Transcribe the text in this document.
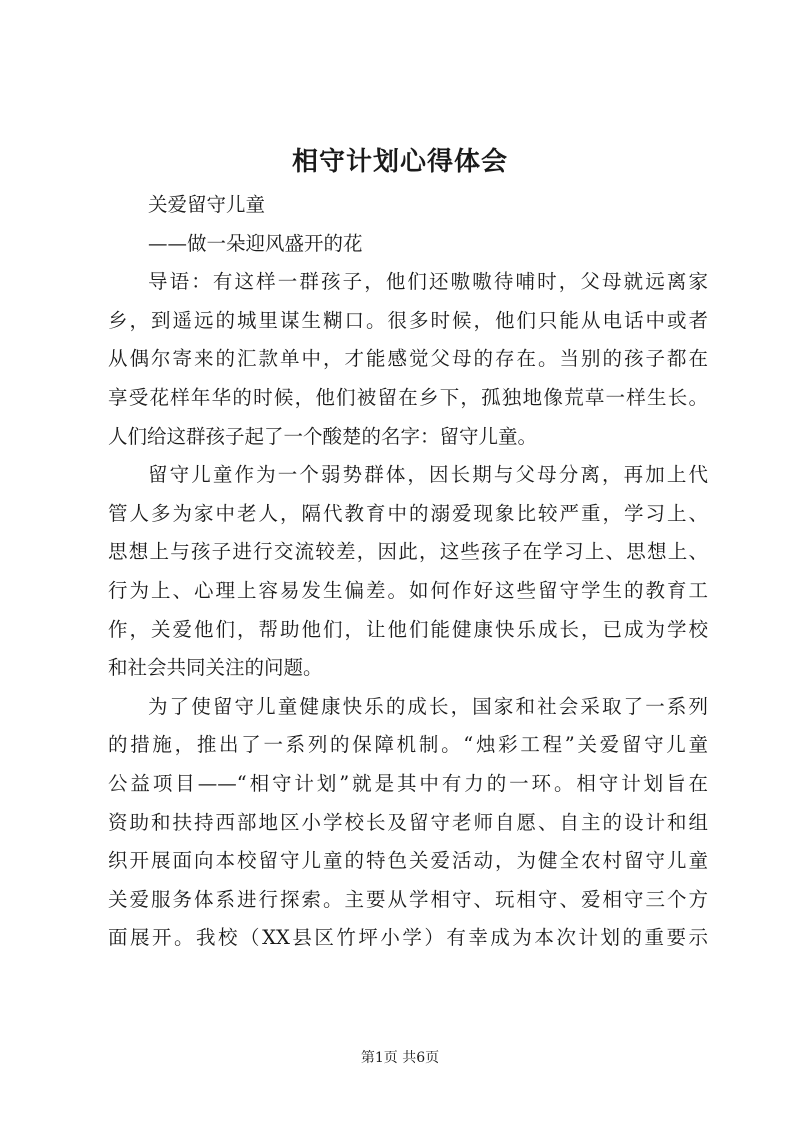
相守计划心得体会
关爱留守儿童
——做一朵迎风盛开的花
导语：有这样一群孩子，他们还嗷嗷待哺时，父母就远离家
乡，到遥远的城里谋生糊口。很多时候，他们只能从电话中或者
从偶尔寄来的汇款单中，才能感觉父母的存在。当别的孩子都在
享受花样年华的时候，他们被留在乡下，孤独地像荒草一样生长。
人们给这群孩子起了一个酸楚的名字：留守儿童。
留守儿童作为一个弱势群体，因长期与父母分离，再加上代
管人多为家中老人，隔代教育中的溺爱现象比较严重，学习上、
思想上与孩子进行交流较差，因此，这些孩子在学习上、思想上、
行为上、心理上容易发生偏差。如何作好这些留守学生的教育工
作，关爱他们，帮助他们，让他们能健康快乐成长，已成为学校
和社会共同关注的问题。
为了使留守儿童健康快乐的成长，国家和社会采取了一系列
的措施，推出了一系列的保障机制。“烛彩工程”关爱留守儿童
公益项目——“相守计划”就是其中有力的一环。相守计划旨在
资助和扶持西部地区小学校长及留守老师自愿、自主的设计和组
织开展面向本校留守儿童的特色关爱活动，为健全农村留守儿童
关爱服务体系进行探索。主要从学相守、玩相守、爱相守三个方
面展开。我校（XX县区竹坪小学）有幸成为本次计划的重要示
第1页 共6页
